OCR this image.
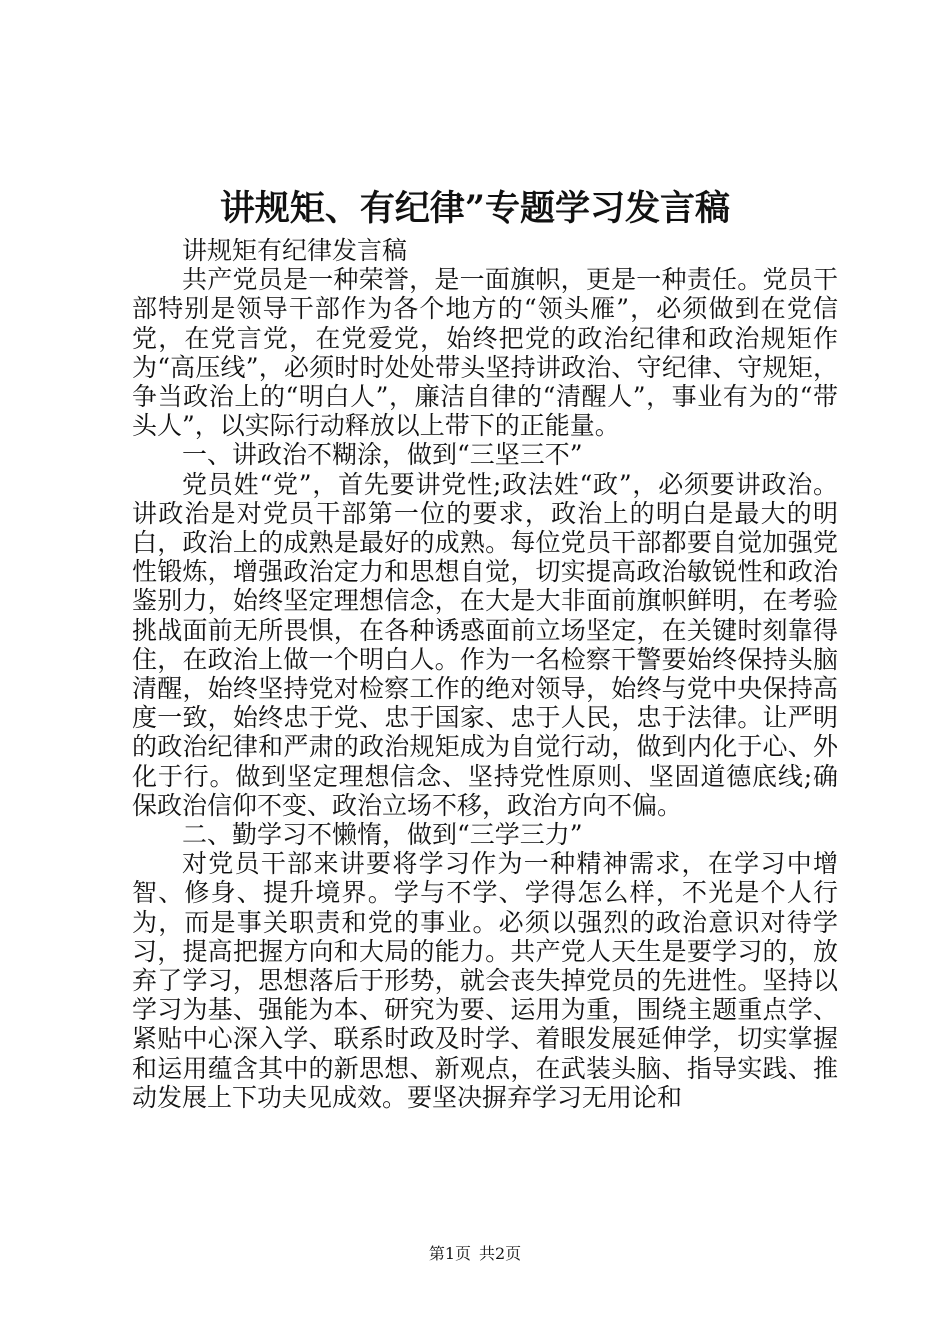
讲规矩、有纪律”专题学习发言稿

讲规矩有纪律发言稿

共产党员是一种荣誉，是一面旗帜，更是一种责任。党员干部特别是领导干部作为各个地方的“领头雁”，必须做到在党信党，在党言党，在党爱党，始终把党的政治纪律和政治规矩作为“高压线”，必须时时处处带头坚持讲政治、守纪律、守规矩，争当政治上的“明白人”，廉洁自律的“清醒人”，事业有为的“带头人”，以实际行动释放以上带下的正能量。

一、讲政治不糊涂，做到“三坚三不”

党员姓“党”，首先要讲党性;政法姓“政”，必须要讲政治。讲政治是对党员干部第一位的要求，政治上的明白是最大的明白，政治上的成熟是最好的成熟。每位党员干部都要自觉加强党性锻炼，增强政治定力和思想自觉，切实提高政治敏锐性和政治鉴别力，始终坚定理想信念，在大是大非面前旗帜鲜明，在考验挑战面前无所畏惧，在各种诱惑面前立场坚定，在关键时刻靠得住，在政治上做一个明白人。作为一名检察干警要始终保持头脑清醒，始终坚持党对检察工作的绝对领导，始终与党中央保持高度一致，始终忠于党、忠于国家、忠于人民，忠于法律。让严明的政治纪律和严肃的政治规矩成为自觉行动，做到内化于心、外化于行。做到坚定理想信念、坚持党性原则、坚固道德底线;确保政治信仰不变、政治立场不移，政治方向不偏。

二、勤学习不懒惰，做到“三学三力”

对党员干部来讲要将学习作为一种精神需求，在学习中增智、修身、提升境界。学与不学、学得怎么样，不光是个人行为，而是事关职责和党的事业。必须以强烈的政治意识对待学习，提高把握方向和大局的能力。共产党人天生是要学习的，放弃了学习，思想落后于形势，就会丧失掉党员的先进性。坚持以学习为基、强能为本、研究为要、运用为重，围绕主题重点学、紧贴中心深入学、联系时政及时学、着眼发展延伸学，切实掌握和运用蕴含其中的新思想、新观点，在武装头脑、指导实践、推动发展上下功夫见成效。要坚决摒弃学习无用论和

第1页 共2页
